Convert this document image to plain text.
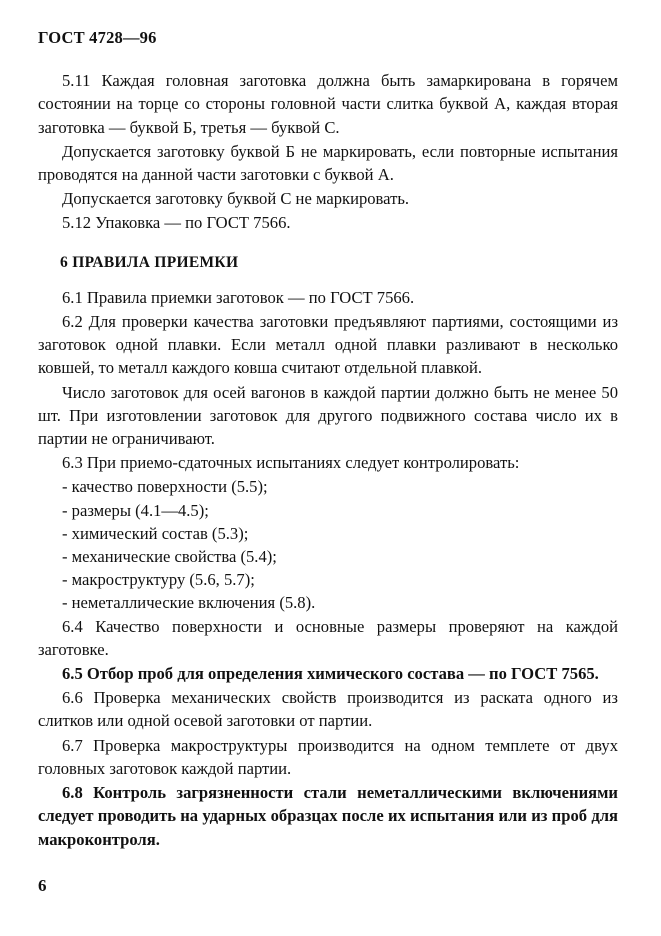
ГОСТ 4728—96

5.11 Каждая головная заготовка должна быть замаркирована в горячем состоянии на торце со стороны головной части слитка буквой А, каждая вторая заготовка — буквой Б, третья — буквой С.

Допускается заготовку буквой Б не маркировать, если повторные испытания проводятся на данной части заготовки с буквой А.

Допускается заготовку буквой С не маркировать.

5.12 Упаковка — по ГОСТ 7566.

6 ПРАВИЛА ПРИЕМКИ

6.1 Правила приемки заготовок — по ГОСТ 7566.

6.2 Для проверки качества заготовки предъявляют партиями, состоящими из заготовок одной плавки. Если металл одной плавки разливают в несколько ковшей, то металл каждого ковша считают отдельной плавкой.

Число заготовок для осей вагонов в каждой партии должно быть не менее 50 шт. При изготовлении заготовок для другого подвижного состава число их в партии не ограничивают.

6.3 При приемо-сдаточных испытаниях следует контролировать:

- качество поверхности (5.5);
- размеры (4.1—4.5);
- химический состав (5.3);
- механические свойства (5.4);
- макроструктуру (5.6, 5.7);
- неметаллические включения (5.8).

6.4 Качество поверхности и основные размеры проверяют на каждой заготовке.

6.5 Отбор проб для определения химического состава — по ГОСТ 7565.

6.6 Проверка механических свойств производится из раската одного из слитков или одной осевой заготовки от партии.

6.7 Проверка макроструктуры производится на одном темплете от двух головных заготовок каждой партии.

6.8 Контроль загрязненности стали неметаллическими включениями следует проводить на ударных образцах после их испытания или из проб для макроконтроля.

6
